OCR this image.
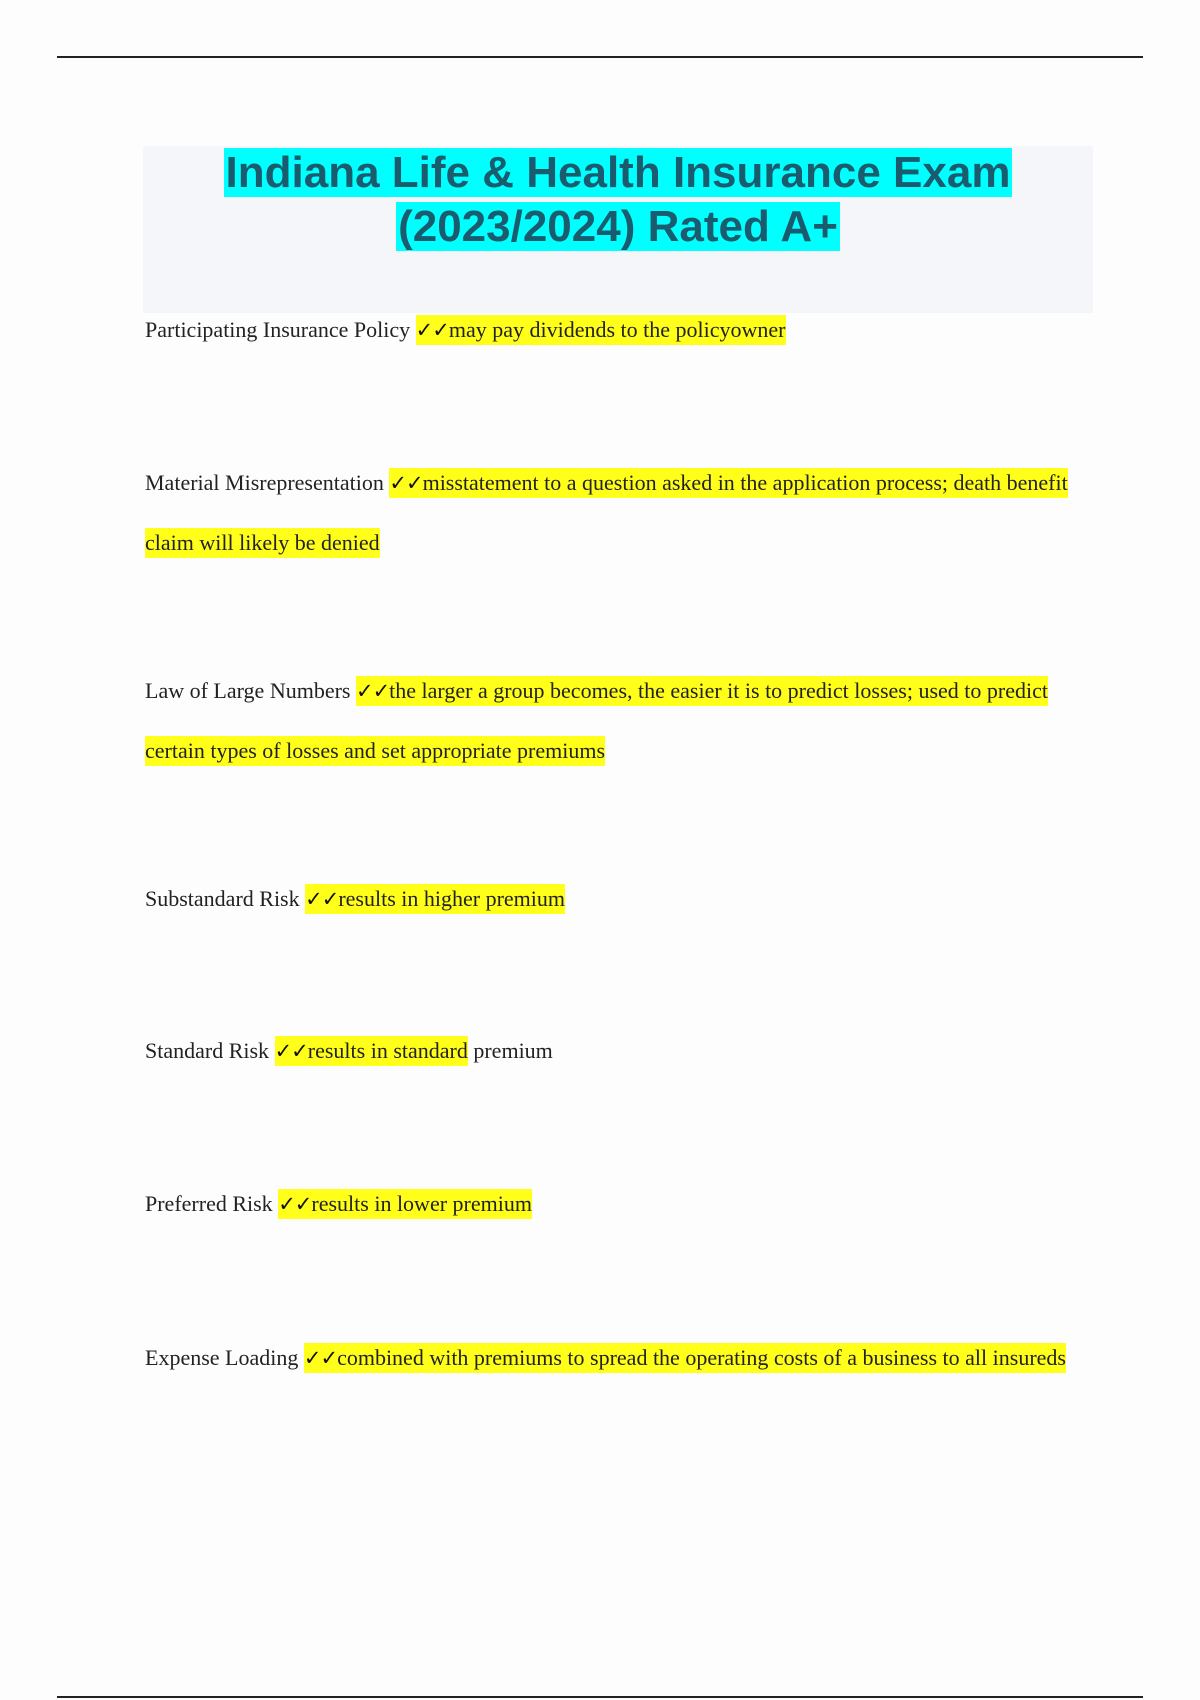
Indiana Life & Health Insurance Exam
(2023/2024) Rated A+
Participating Insurance Policy ✓✓may pay dividends to the policyowner
Material Misrepresentation ✓✓misstatement to a question asked in the application process; death benefit claim will likely be denied
Law of Large Numbers ✓✓the larger a group becomes, the easier it is to predict losses; used to predict certain types of losses and set appropriate premiums
Substandard Risk ✓✓results in higher premium
Standard Risk ✓✓results in standard premium
Preferred Risk ✓✓results in lower premium
Expense Loading ✓✓combined with premiums to spread the operating costs of a business to all insureds
